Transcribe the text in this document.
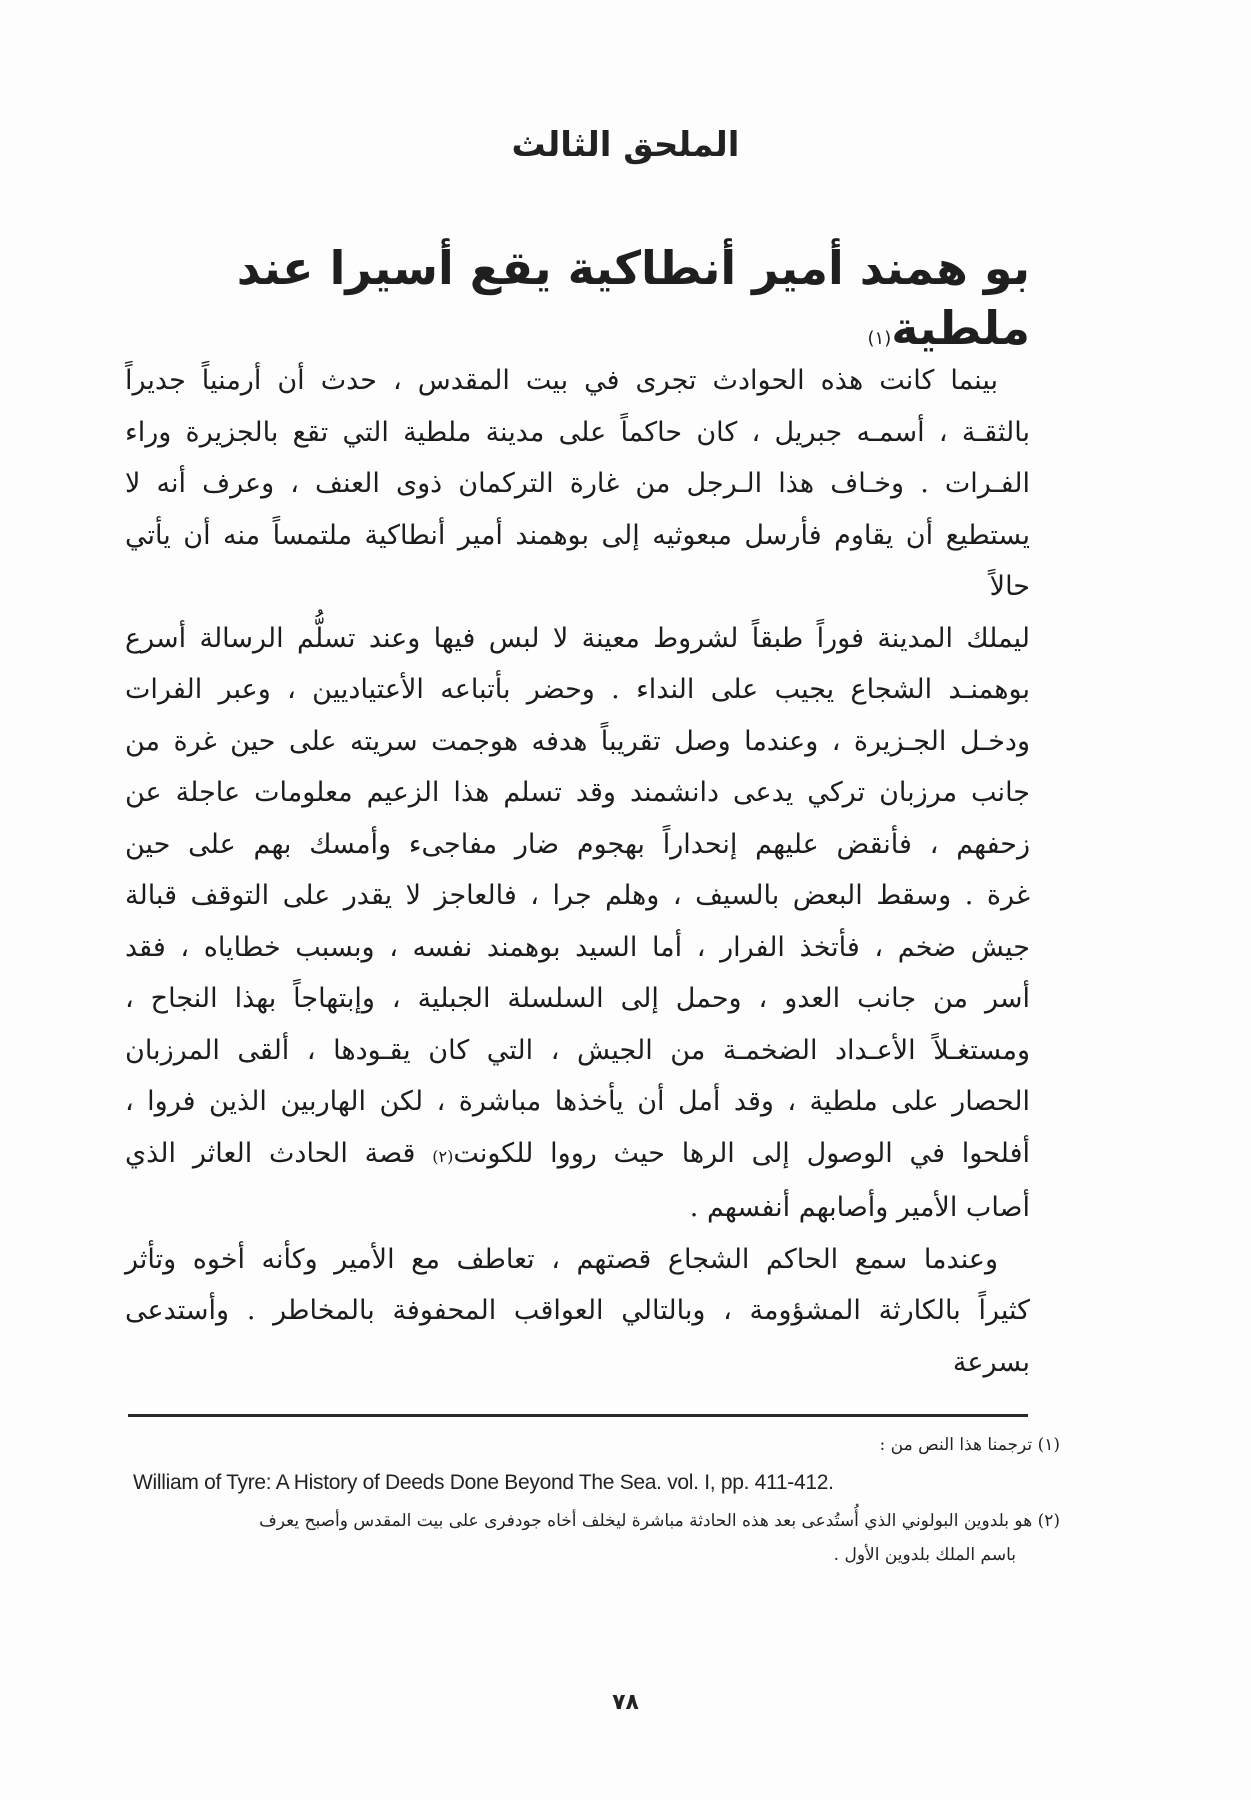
الملحق الثالث
بو همند أمير أنطاكية يقع أسيرا عند ملطية(١)

بينما كانت هذه الحوادث تجرى في بيت المقدس ، حدث أن أرمنياً جديراً
بالثقـة ، أسمـه جبريل ، كان حاكماً على مدينة ملطية التي تقع بالجزيرة وراء
الفـرات . وخـاف هذا الـرجل من غارة التركمان ذوى العنف ، وعرف أنه لا
يستطيع أن يقاوم فأرسل مبعوثيه إلى بوهمند أمير أنطاكية ملتمساً منه أن يأتي حالاً
ليملك المدينة فوراً طبقاً لشروط معينة لا لبس فيها وعند تسلُّم الرسالة أسرع
بوهمنـد الشجاع يجيب على النداء . وحضر بأتباعه الأعتياديين ، وعبر الفرات
ودخـل الجـزيرة ، وعندما وصل تقريباً هدفه هوجمت سريته على حين غرة من
جانب مرزبان تركي يدعى دانشمند وقد تسلم هذا الزعيم معلومات عاجلة عن
زحفهم ، فأنقض عليهم إنحداراً بهجوم ضار مفاجىء وأمسك بهم على حين
غرة . وسقط البعض بالسيف ، وهلم جرا ، فالعاجز لا يقدر على التوقف قبالة
جيش ضخم ، فأتخذ الفرار ، أما السيد بوهمند نفسه ، وبسبب خطاياه ، فقد
أسر من جانب العدو ، وحمل إلى السلسلة الجبلية ، وإبتهاجاً بهذا النجاح ،
ومستغـلاً الأعـداد الضخمـة من الجيش ، التي كان يقـودها ، ألقى المرزبان
الحصار على ملطية ، وقد أمل أن يأخذها مباشرة ، لكن الهاربين الذين فروا ،
أفلحوا في الوصول إلى الرها حيث رووا للكونت(٢) قصة الحادث العاثر الذي
أصاب الأمير وأصابهم أنفسهم .

وعندما سمع الحاكم الشجاع قصتهم ، تعاطف مع الأمير وكأنه أخوه وتأثر
كثيراً بالكارثة المشؤومة ، وبالتالي العواقب المحفوفة بالمخاطر . وأستدعى بسرعة

(١) ترجمنا هذا النص من :
William of Tyre: A History of Deeds Done Beyond The Sea. vol. I, pp. 411-412.
(٢) هو بلدوين البولوني الذي أُستُدعى بعد هذه الحادثة مباشرة ليخلف أخاه جودفرى على بيت المقدس وأصبح يعرف
باسم الملك بلدوين الأول .
٧٨
